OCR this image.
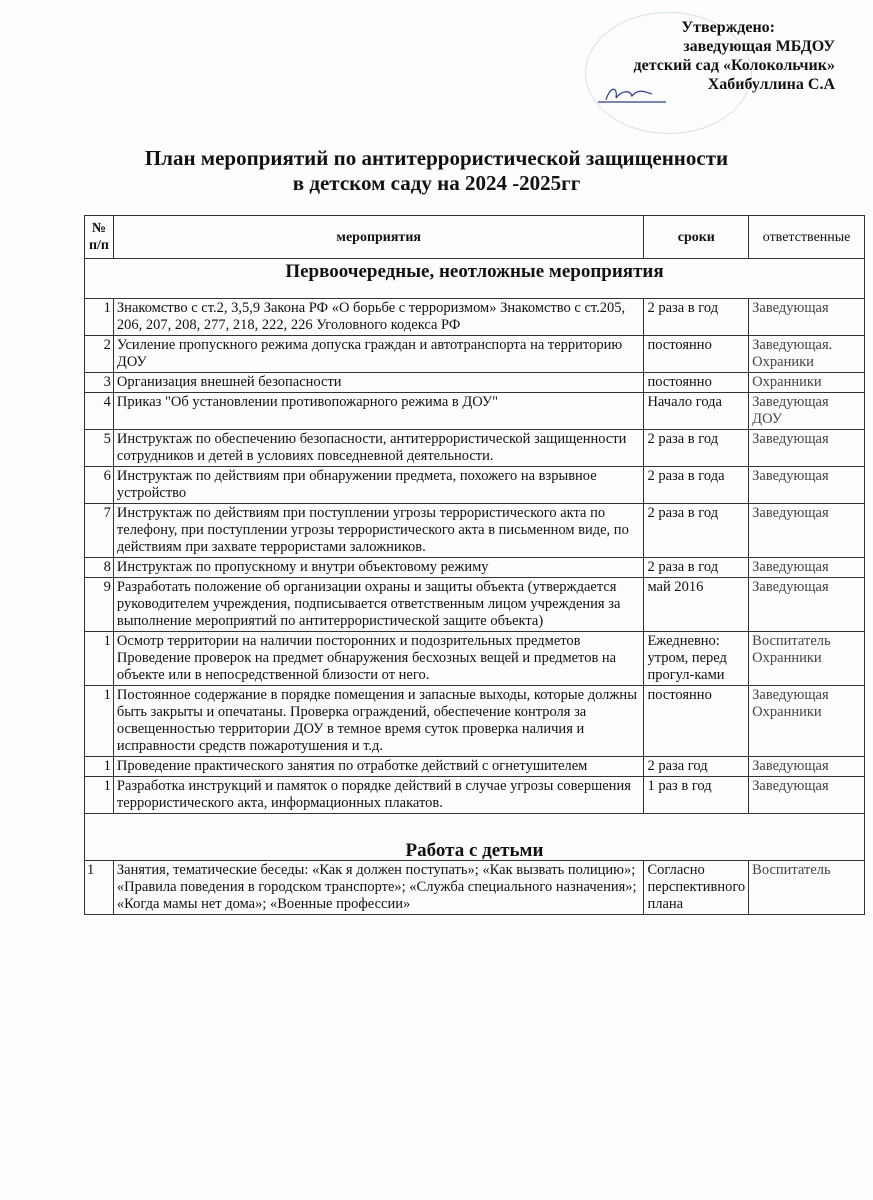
Утверждено:
заведующая МБДОУ
детский сад «Колокольчик»
Хабибуллина С.А
План мероприятий по антитеррористической защищенности
в детском саду на 2024 -2025гг
№ п/п	мероприятия	сроки	ответственные
Первоочередные, неотложные мероприятия			
1	Знакомство с ст.2, 3,5,9 Закона РФ «О борьбе с терроризмом» Знакомство с ст.205, 206, 207, 208, 277, 218, 222, 226 Уголовного кодекса РФ	2 раза в год	Заведующая
2	Усиление пропускного режима допуска граждан и автотранспорта на территорию ДОУ	постоянно	Заведующая. Охраники
3	Организация внешней безопасности	постоянно	Охранники
4	Приказ "Об установлении противопожарного режима в ДОУ"	Начало года	Заведующая ДОУ
5	Инструктаж по обеспечению безопасности, антитеррористической защищенности сотрудников и детей в условиях повседневной деятельности.	2 раза в год	Заведующая
6	Инструктаж по действиям при обнаружении предмета, похожего на взрывное устройство	2 раза в года	Заведующая
7	Инструктаж по действиям при поступлении угрозы террористического акта по телефону, при поступлении угрозы террористического акта в письменном виде, по действиям при захвате террористами заложников.	2 раза в год	Заведующая
8	Инструктаж по пропускному и внутри объектовому режиму	2 раза в год	Заведующая
9	Разработать положение об организации охраны и защиты объекта (утверждается руководителем учреждения, подписывается ответственным лицом учреждения за выполнение мероприятий по антитеррористической защите объекта)	май 2016	Заведующая
1	Осмотр территории на наличии посторонних и подозрительных предметов Проведение проверок на предмет обнаружения бесхозных вещей и предметов на объекте или в непосредственной близости от него.	Ежедневно: утром, перед прогул-ками	Воспитатель Охранники
1	Постоянное содержание в порядке помещения и запасные выходы, которые должны быть закрыты и опечатаны. Проверка ограждений, обеспечение контроля за освещенностью территории ДОУ в темное время суток проверка наличия и исправности средств пожаротушения и т.д.	постоянно	Заведующая Охранники
1	Проведение практического занятия по отработке действий с огнетушителем	2 раза год	Заведующая
1	Разработка инструкций и памяток о порядке действий в случае угрозы совершения террористического акта, информационных плакатов.	1 раз в год	Заведующая
Работа с детьми			
1	Занятия, тематические беседы: «Как я должен поступать»; «Как вызвать полицию»; «Правила поведения в городском транспорте»; «Служба специального назначения»; «Когда мамы нет дома»; «Военные профессии»	Согласно перспективного плана	Воспитатель
